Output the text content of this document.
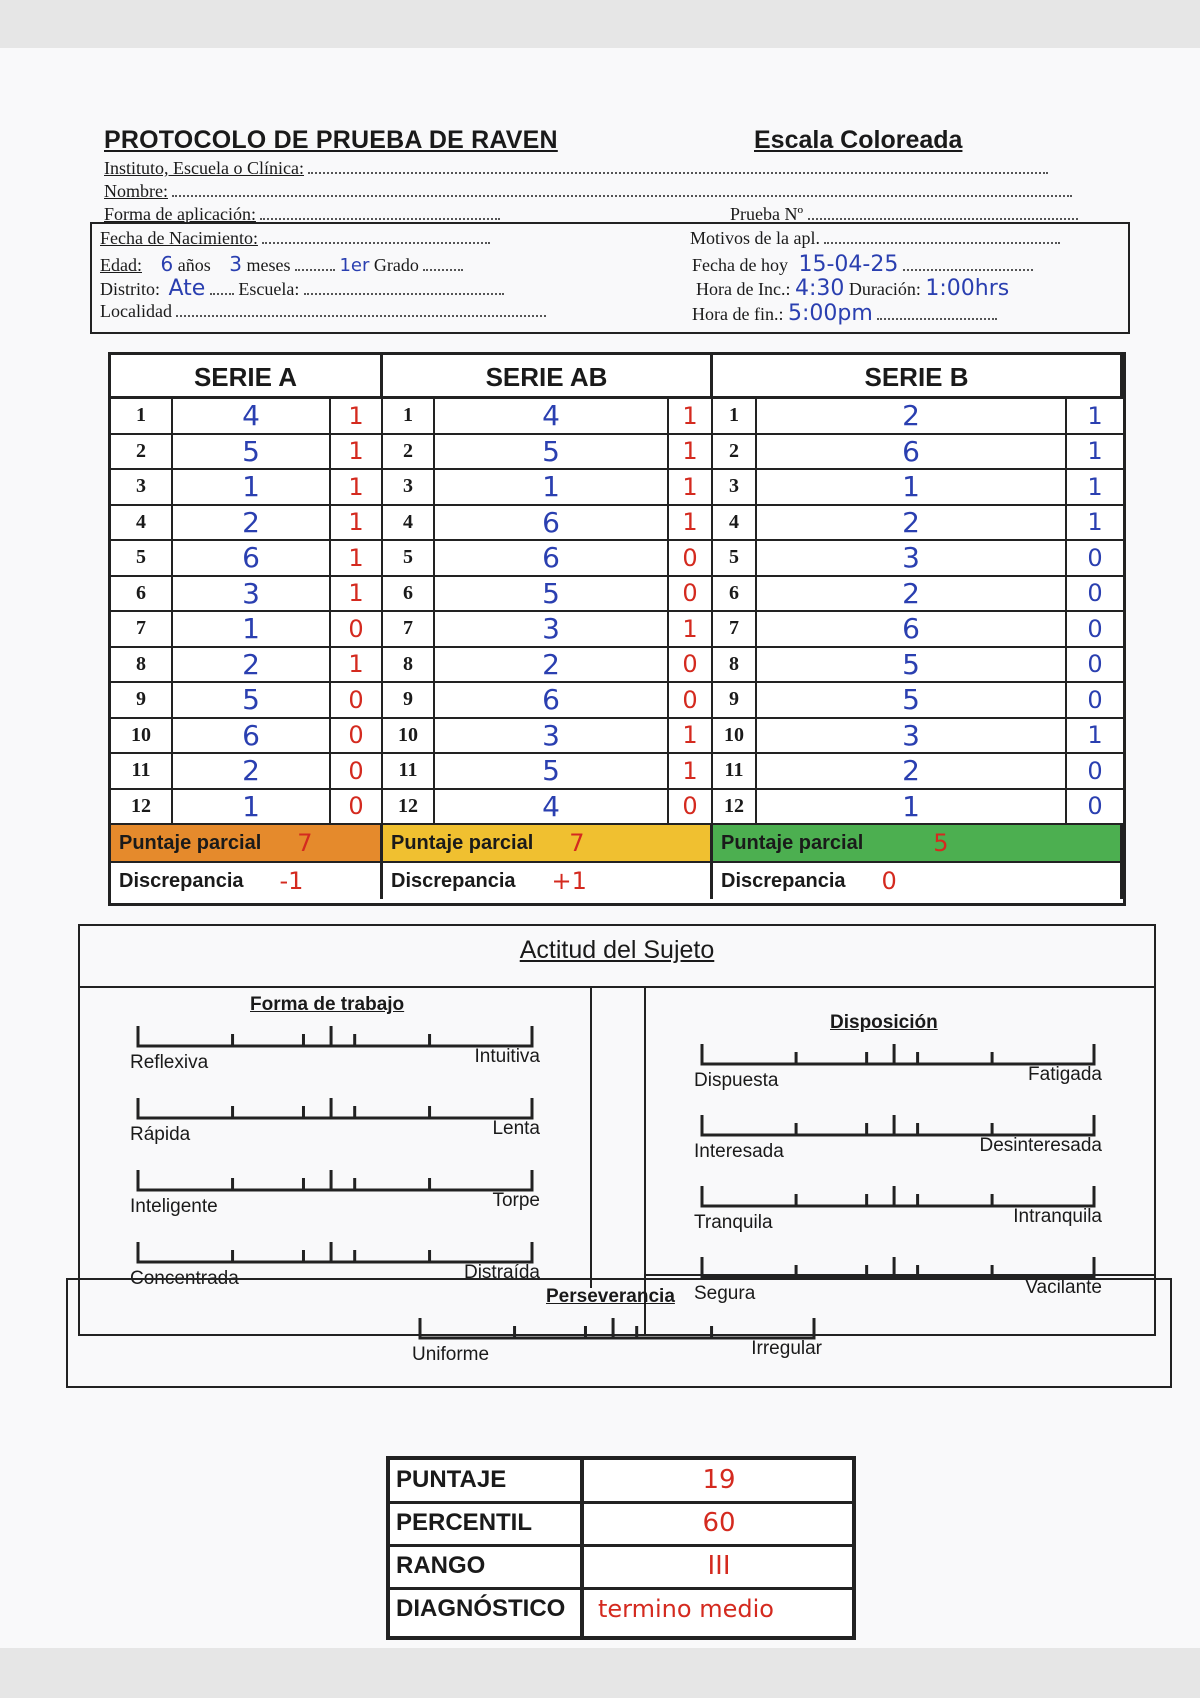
PROTOCOLO DE PRUEBA DE RAVEN	Escala Coloreada
Instituto, Escuela o Clínica:
Nombre:
Forma de aplicación:	Prueba Nº
Fecha de Nacimiento:	Motivos de la apl.
Edad: 6 años 3 meses	1er Grado	Fecha de hoy 15-04-25
Distrito: Ate Escuela:	Hora de Inc.: 4:30 Duración: 1:00hrs
Localidad	Hora de fin.: 5:00pm
SERIE A
1	4	1
2	5	1
3	1	1
4	2	1
5	6	1
6	3	1
7	1	0
8	2	1
9	5	0
10	6	0
11	2	0
12	1	0
Puntaje parcial 7
Discrepancia -1
SERIE AB
1	4	1
2	5	1
3	1	1
4	6	1
5	6	0
6	5	0
7	3	1
8	2	0
9	6	0
10	3	1
11	5	1
12	4	0
Puntaje parcial 7
Discrepancia +1
SERIE B
1	2	1
2	6	1
3	1	1
4	2	1
5	3	0
6	2	0
7	6	0
8	5	0
9	5	0
10	3	1
11	2	0
12	1	0
Puntaje parcial	5
Discrepancia 0
Actitud del Sujeto
Forma de trabajo
Disposición
Reflexiva	Intuitiva
Rápida	Lenta
Inteligente	Torpe
Concentrada	Distraída
Dispuesta	Fatigada
Interesada	Desinteresada
Tranquila	Intranquila
Segura	Vacilante
Perseverancia
Uniforme	Irregular
PUNTAJE	19
PERCENTIL	60
RANGO	III
DIAGNÓSTICO	termino medio
